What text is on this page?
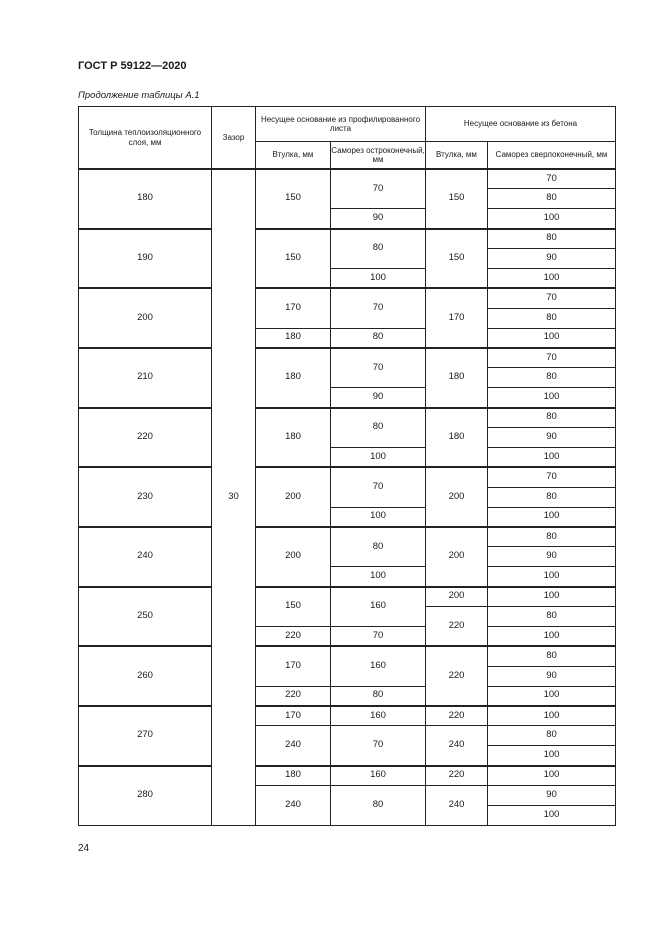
ГОСТ Р 59122—2020
Продолжение таблицы А.1
Толщина теплоизоляционного слоя, мм	Зазор	Несущее основание из профилированного листа		Несущее основание из бетона	
		Втулка, мм	Саморез остроконечный, мм	Втулка, мм	Саморез сверлоконечный, мм
180	30	150	70	150	70
					80
			90		100
190		150	80	150	80
					90
			100		100
200		170	70	170	70
					80
		180	80		100
210		180	70	180	70
					80
			90		100
220		180	80	180	80
					90
			100		100
230		200	70	200	70
					80
			100		100
240		200	80	200	80
					90
			100		100
250		150	160	200	100
				220	80
		220	70		100
260		170	160	220	80
					90
		220	80		100
270		170	160	220	100
		240	70	240	80
					100
280		180	160	220	100
		240	80	240	90
					100
24
